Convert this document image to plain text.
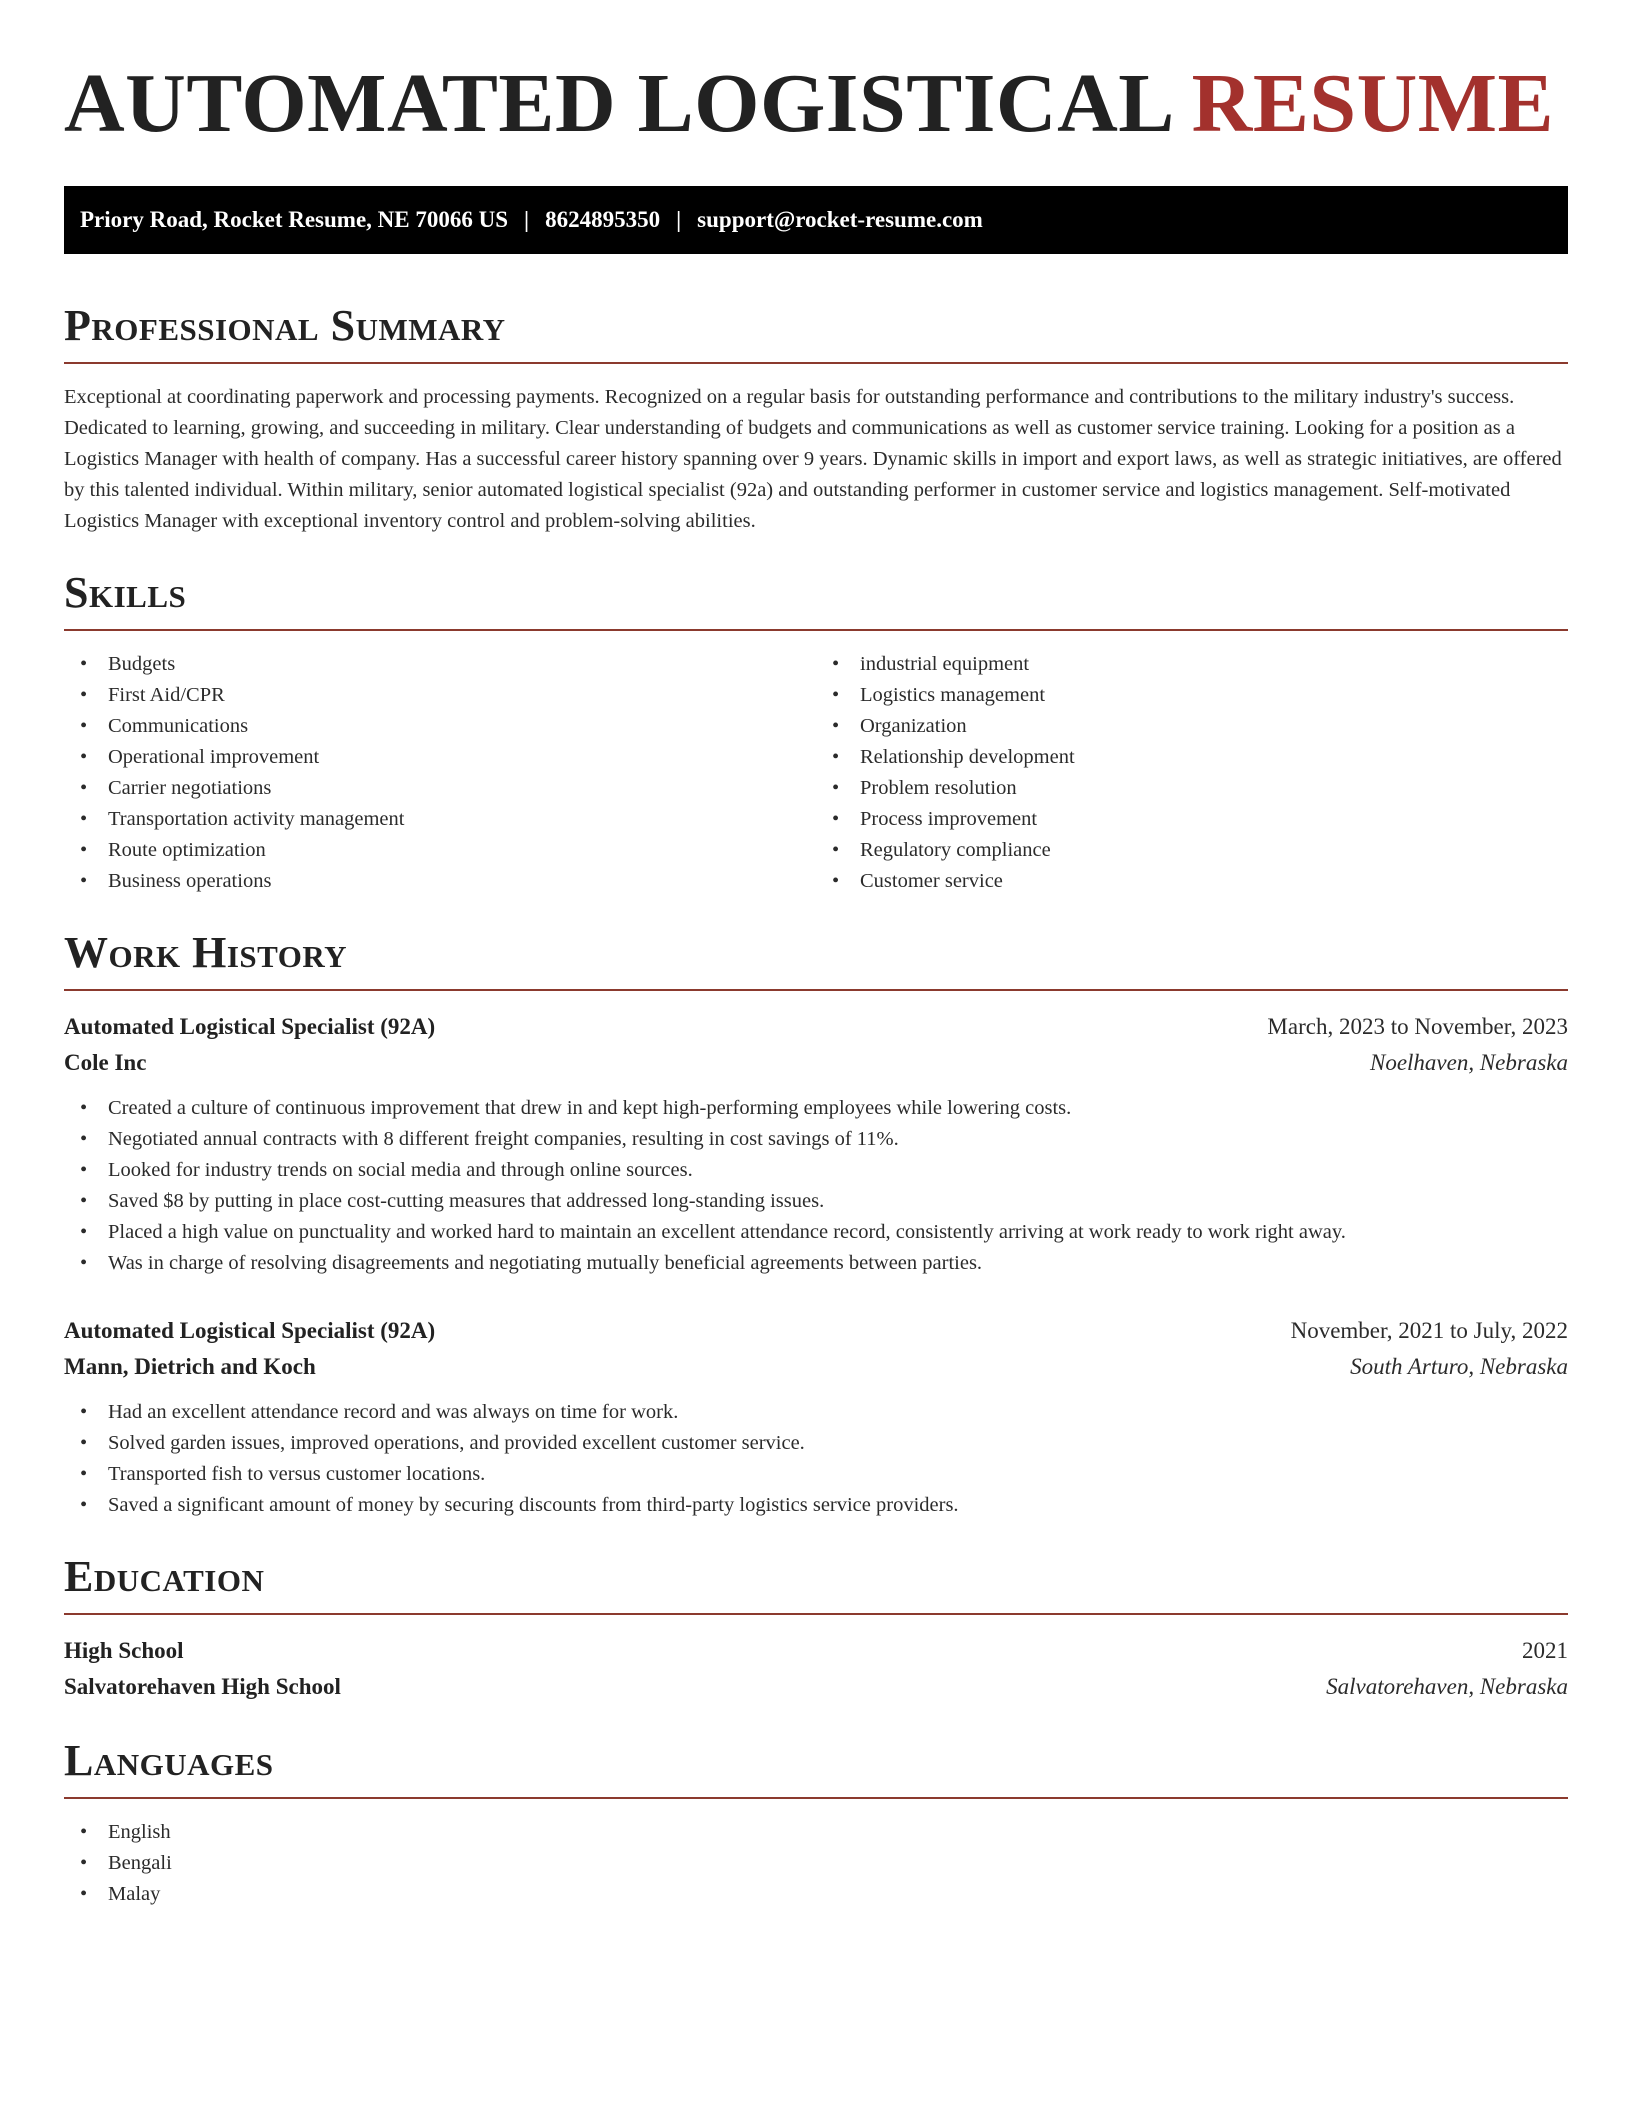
AUTOMATED LOGISTICAL RESUME
Priory Road, Rocket Resume, NE 70066 US | 8624895350 | support@rocket-resume.com
Professional Summary

Exceptional at coordinating paperwork and processing payments. Recognized on a regular basis for outstanding performance and contributions to the military industry's success. Dedicated to learning, growing, and succeeding in military. Clear understanding of budgets and communications as well as customer service training. Looking for a position as a Logistics Manager with health of company. Has a successful career history spanning over 9 years. Dynamic skills in import and export laws, as well as strategic initiatives, are offered by this talented individual. Within military, senior automated logistical specialist (92a) and outstanding performer in customer service and logistics management. Self-motivated Logistics Manager with exceptional inventory control and problem-solving abilities.

Skills
• Budgets
• First Aid/CPR
• Communications
• Operational improvement
• Carrier negotiations
• Transportation activity management
• Route optimization
• Business operations
• industrial equipment
• Logistics management
• Organization
• Relationship development
• Problem resolution
• Process improvement
• Regulatory compliance
• Customer service
Work History
Automated Logistical Specialist (92A)	March, 2023 to November, 2023
Cole Inc	Noelhaven, Nebraska
• Created a culture of continuous improvement that drew in and kept high-performing employees while lowering costs.
• Negotiated annual contracts with 8 different freight companies, resulting in cost savings of 11%.
• Looked for industry trends on social media and through online sources.
• Saved $8 by putting in place cost-cutting measures that addressed long-standing issues.
• Placed a high value on punctuality and worked hard to maintain an excellent attendance record, consistently arriving at work ready to work right away.
• Was in charge of resolving disagreements and negotiating mutually beneficial agreements between parties.
Automated Logistical Specialist (92A)	November, 2021 to July, 2022
Mann, Dietrich and Koch	South Arturo, Nebraska
• Had an excellent attendance record and was always on time for work.
• Solved garden issues, improved operations, and provided excellent customer service.
• Transported fish to versus customer locations.
• Saved a significant amount of money by securing discounts from third-party logistics service providers.
Education
High School	2021
Salvatorehaven High School	Salvatorehaven, Nebraska
Languages
• English
• Bengali
• Malay
